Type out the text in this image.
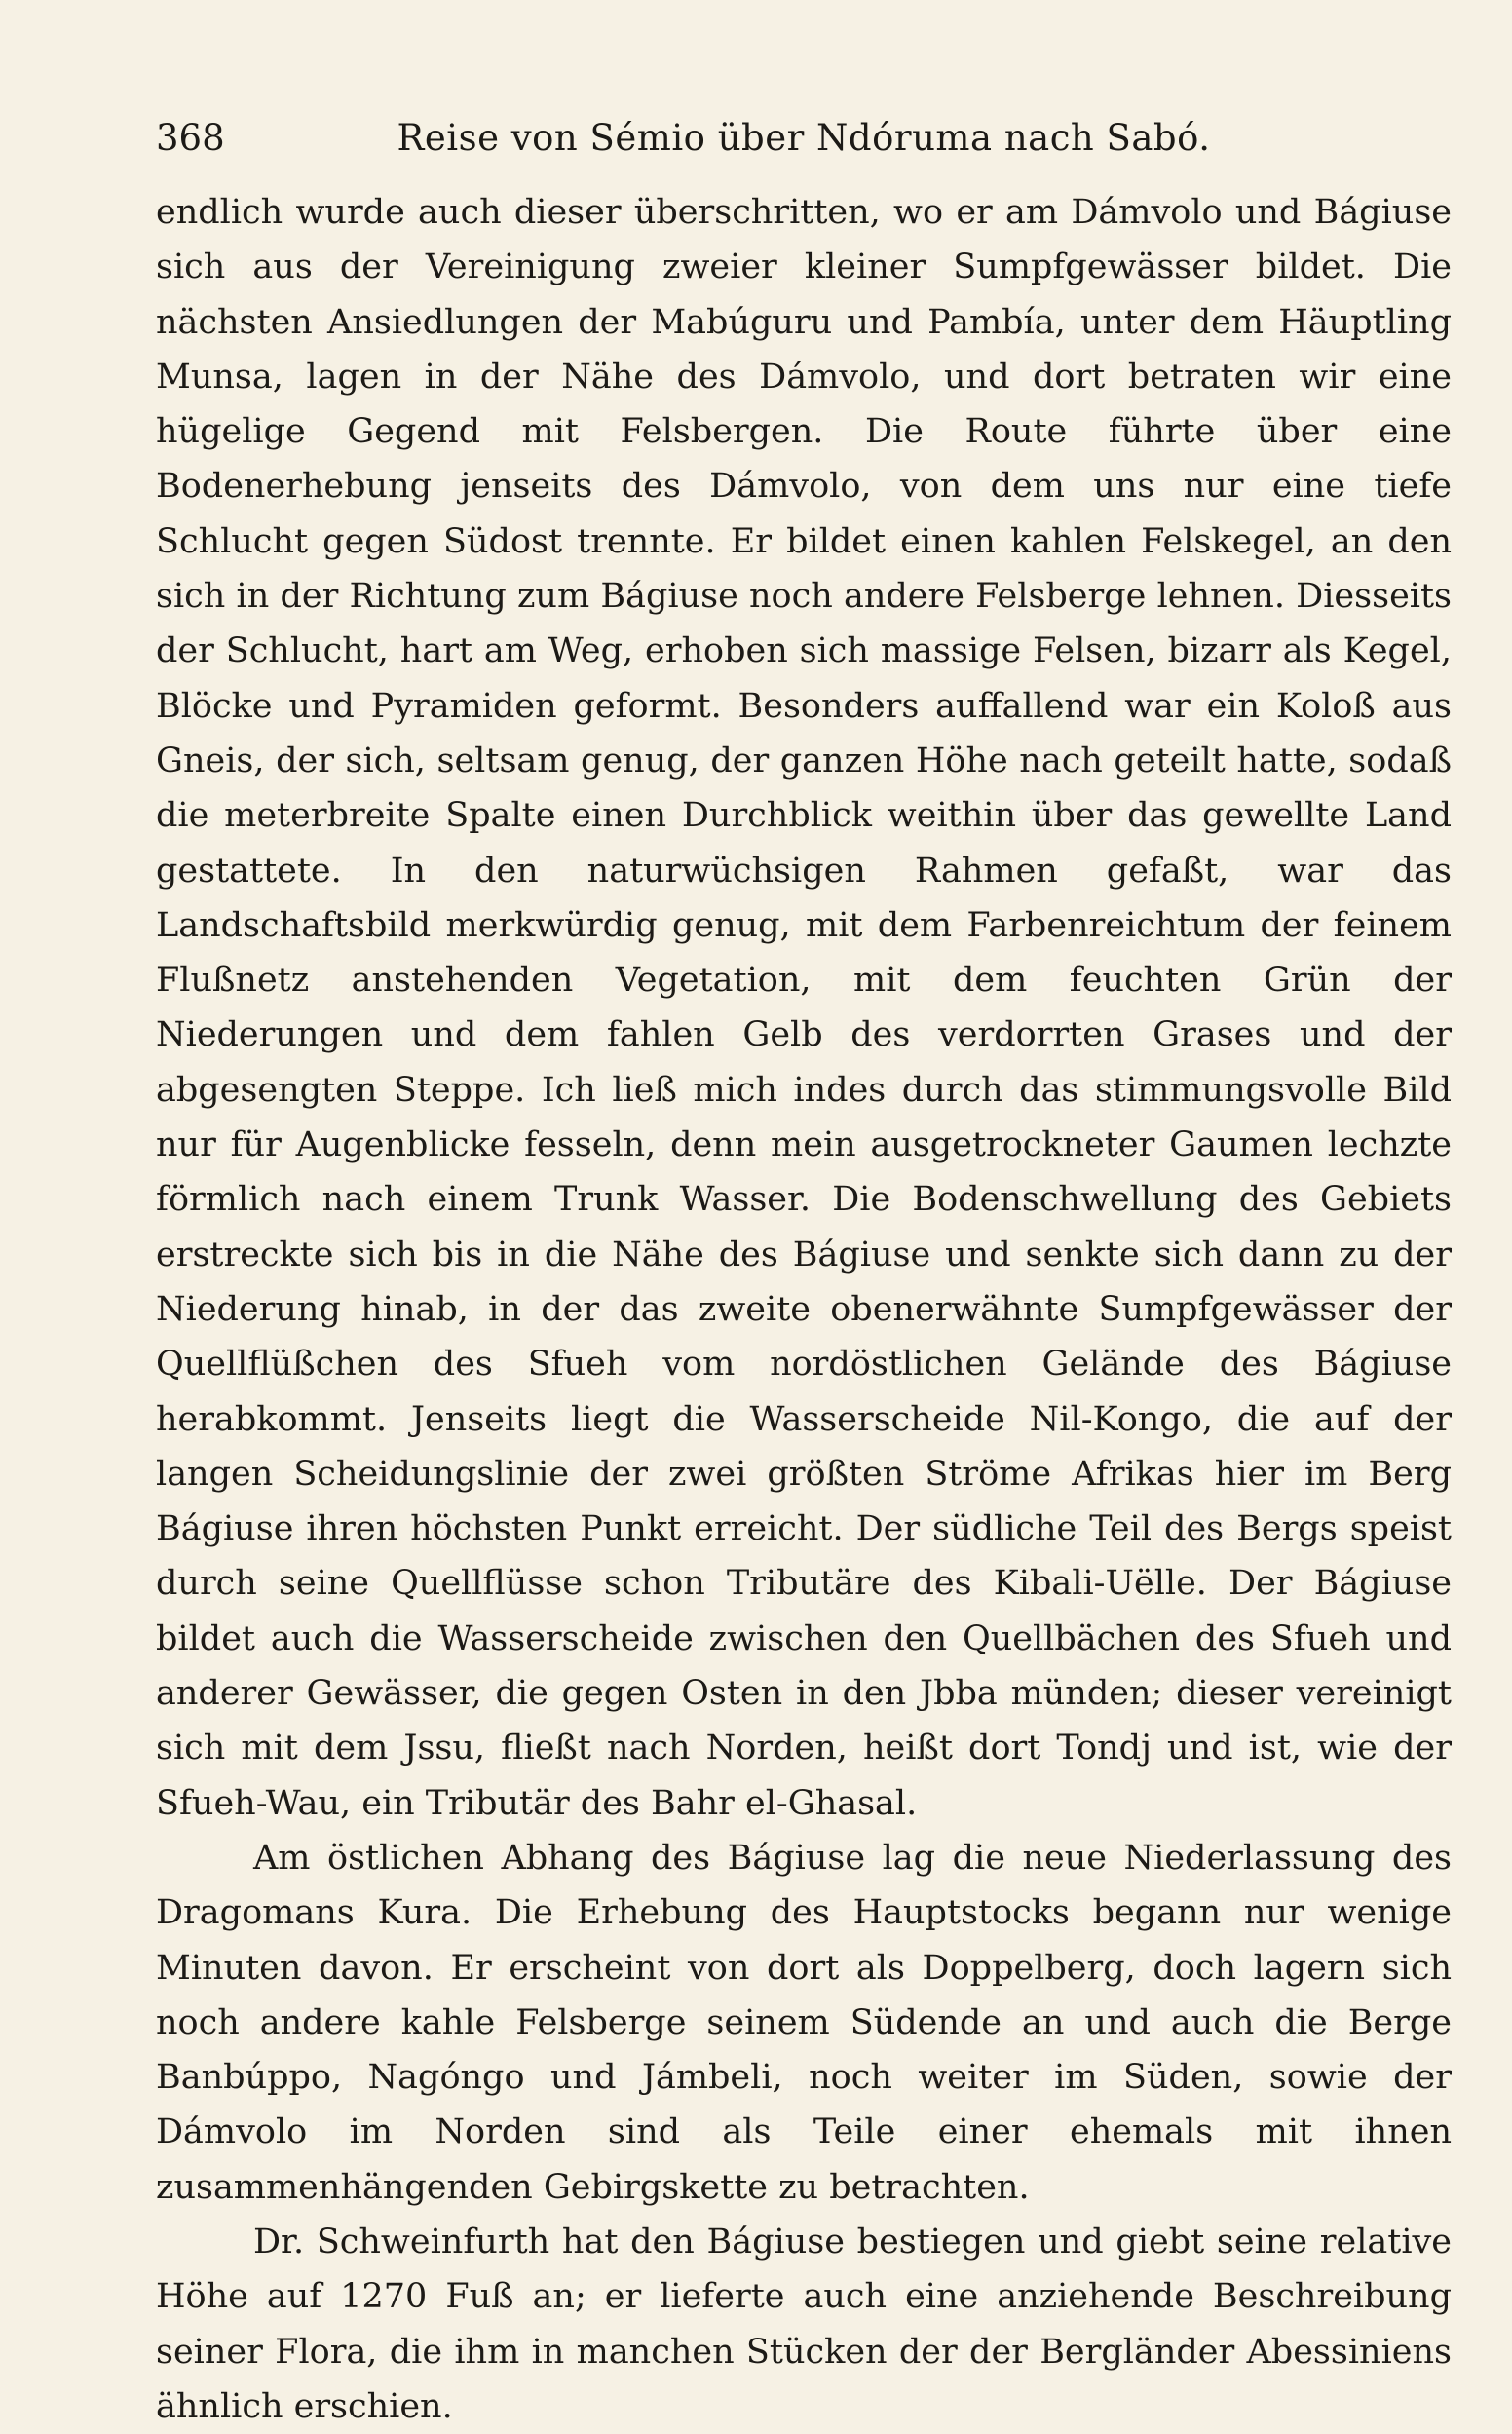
368	Reise von Sémio über Ndóruma nach Sabó.

endlich wurde auch dieser überschritten, wo er am Dámvolo und Bágiuse sich aus der Vereinigung zweier kleiner Sumpfgewässer bildet. Die nächsten Ansiedlungen der Mabúguru und Pambía, unter dem Häuptling Munsa, lagen in der Nähe des Dámvolo, und dort betraten wir eine hügelige Gegend mit Felsbergen. Die Route führte über eine Bodenerhebung jenseits des Dámvolo, von dem uns nur eine tiefe Schlucht gegen Südost trennte. Er bildet einen kahlen Felskegel, an den sich in der Richtung zum Bágiuse noch andere Felsberge lehnen. Diesseits der Schlucht, hart am Weg, erhoben sich massige Felsen, bizarr als Kegel, Blöcke und Pyramiden geformt. Besonders auffallend war ein Koloß aus Gneis, der sich, seltsam genug, der ganzen Höhe nach geteilt hatte, sodaß die meterbreite Spalte einen Durchblick weithin über das gewellte Land gestattete. In den naturwüchsigen Rahmen gefaßt, war das Landschaftsbild merkwürdig genug, mit dem Farbenreichtum der feinem Flußnetz anstehenden Vegetation, mit dem feuchten Grün der Niederungen und dem fahlen Gelb des verdorrten Grases und der abgesengten Steppe. Ich ließ mich indes durch das stimmungsvolle Bild nur für Augenblicke fesseln, denn mein ausgetrockneter Gaumen lechzte förmlich nach einem Trunk Wasser. Die Bodenschwellung des Gebiets erstreckte sich bis in die Nähe des Bágiuse und senkte sich dann zu der Niederung hinab, in der das zweite obenerwähnte Sumpfgewässer der Quellflüßchen des Sfueh vom nordöstlichen Gelände des Bágiuse herabkommt. Jenseits liegt die Wasserscheide Nil-Kongo, die auf der langen Scheidungslinie der zwei größten Ströme Afrikas hier im Berg Bágiuse ihren höchsten Punkt erreicht. Der südliche Teil des Bergs speist durch seine Quellflüsse schon Tributäre des Kibali-Uëlle. Der Bágiuse bildet auch die Wasserscheide zwischen den Quellbächen des Sfueh und anderer Gewässer, die gegen Osten in den Jbba münden; dieser vereinigt sich mit dem Jssu, fließt nach Norden, heißt dort Tondj und ist, wie der Sfueh-Wau, ein Tributär des Bahr el-Ghasal.

Am östlichen Abhang des Bágiuse lag die neue Niederlassung des Dragomans Kura. Die Erhebung des Hauptstocks begann nur wenige Minuten davon. Er erscheint von dort als Doppelberg, doch lagern sich noch andere kahle Felsberge seinem Südende an und auch die Berge Banbúppo, Nagóngo und Jámbeli, noch weiter im Süden, sowie der Dámvolo im Norden sind als Teile einer ehemals mit ihnen zusammenhängenden Gebirgskette zu betrachten.

Dr. Schweinfurth hat den Bágiuse bestiegen und giebt seine relative Höhe auf 1270 Fuß an; er lieferte auch eine anziehende Beschreibung seiner Flora, die ihm in manchen Stücken der der Bergländer Abessiniens ähnlich erschien.
